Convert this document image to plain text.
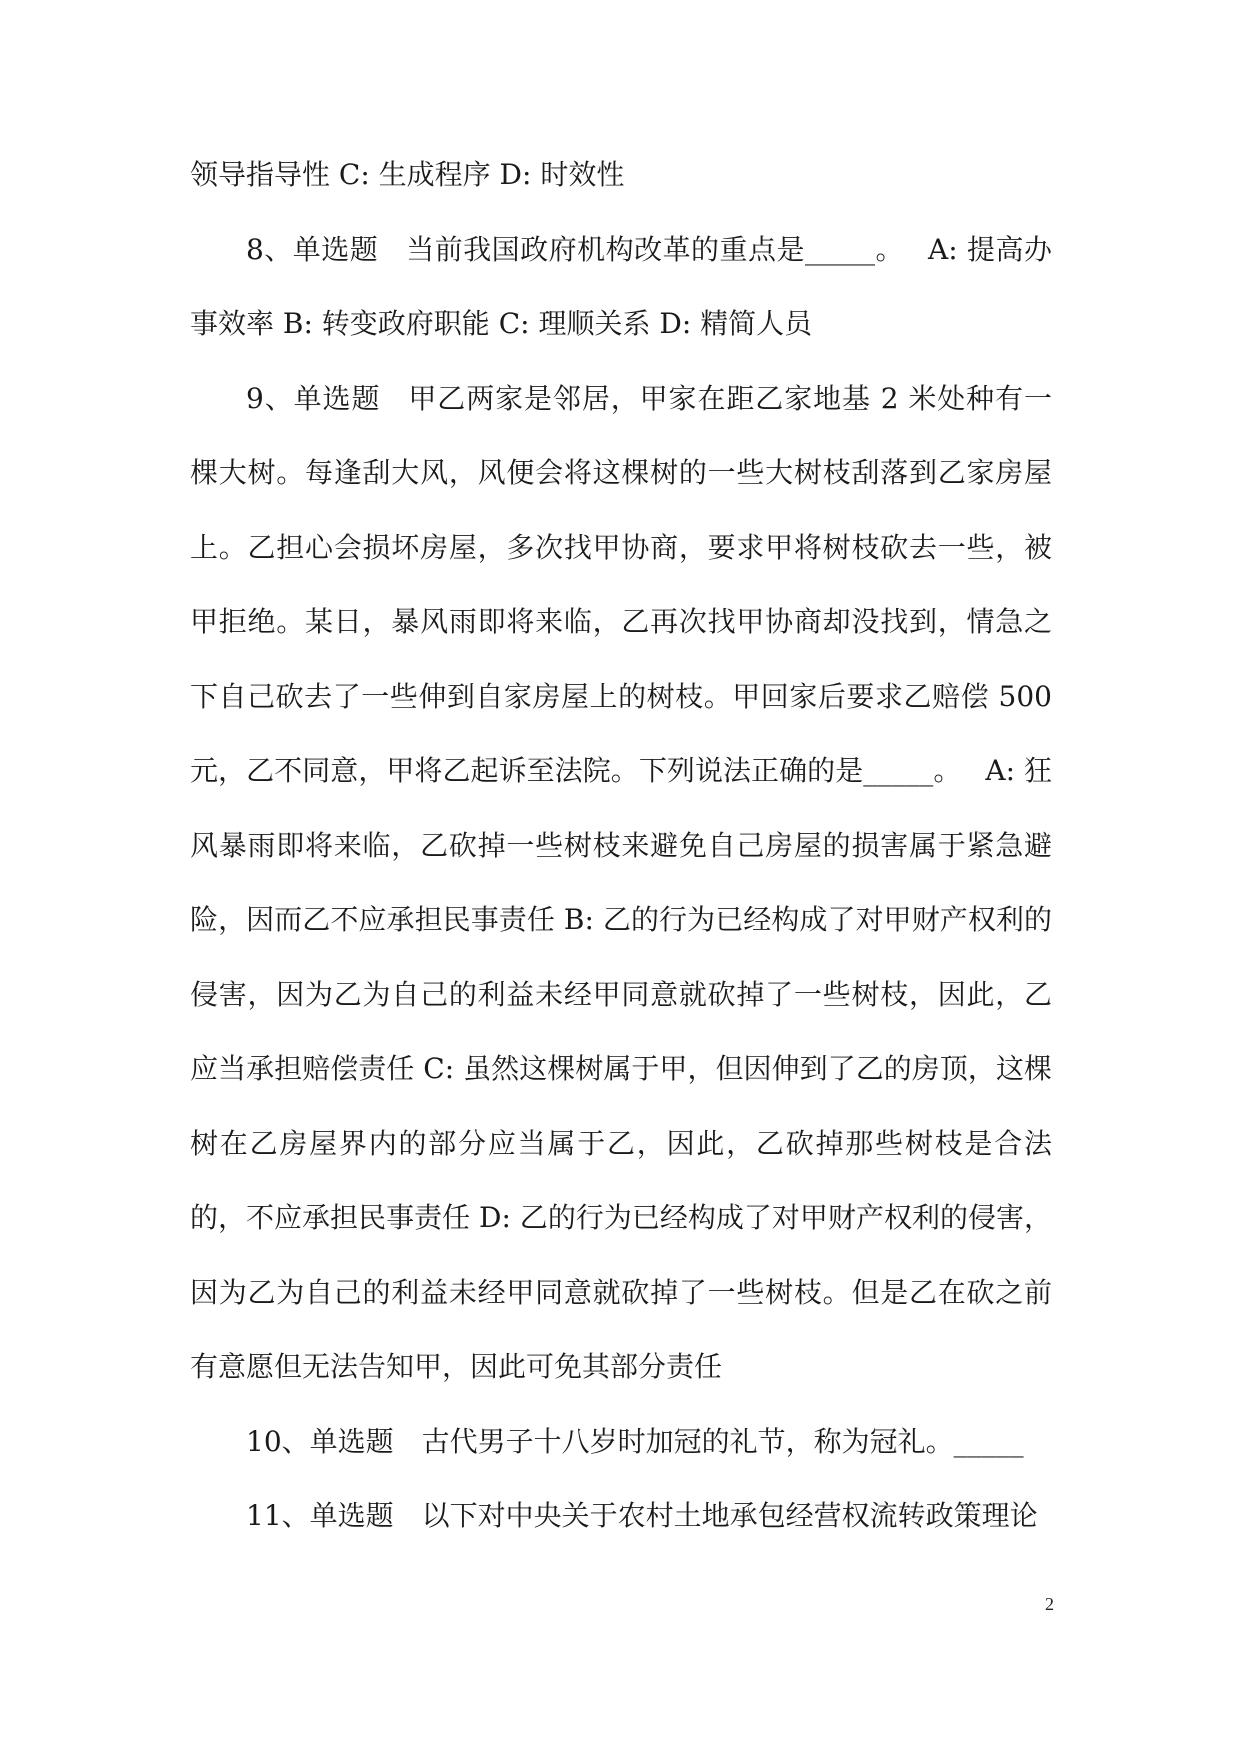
领导指导性 C: 生成程序 D: 时效性

8、单选题 当前我国政府机构改革的重点是_____。 A: 提高办事效率 B: 转变政府职能 C: 理顺关系 D: 精简人员

9、单选题 甲乙两家是邻居，甲家在距乙家地基 2 米处种有一棵大树。每逢刮大风，风便会将这棵树的一些大树枝刮落到乙家房屋上。乙担心会损坏房屋，多次找甲协商，要求甲将树枝砍去一些，被甲拒绝。某日，暴风雨即将来临，乙再次找甲协商却没找到，情急之下自己砍去了一些伸到自家房屋上的树枝。甲回家后要求乙赔偿 500 元，乙不同意，甲将乙起诉至法院。下列说法正确的是_____。 A: 狂风暴雨即将来临，乙砍掉一些树枝来避免自己房屋的损害属于紧急避险，因而乙不应承担民事责任 B: 乙的行为已经构成了对甲财产权利的侵害，因为乙为自己的利益未经甲同意就砍掉了一些树枝，因此，乙应当承担赔偿责任 C: 虽然这棵树属于甲，但因伸到了乙的房顶，这棵树在乙房屋界内的部分应当属于乙，因此，乙砍掉那些树枝是合法的，不应承担民事责任 D: 乙的行为已经构成了对甲财产权利的侵害，因为乙为自己的利益未经甲同意就砍掉了一些树枝。但是乙在砍之前有意愿但无法告知甲，因此可免其部分责任

10、单选题 古代男子十八岁时加冠的礼节，称为冠礼。_____

11、单选题 以下对中央关于农村土地承包经营权流转政策理论

2
